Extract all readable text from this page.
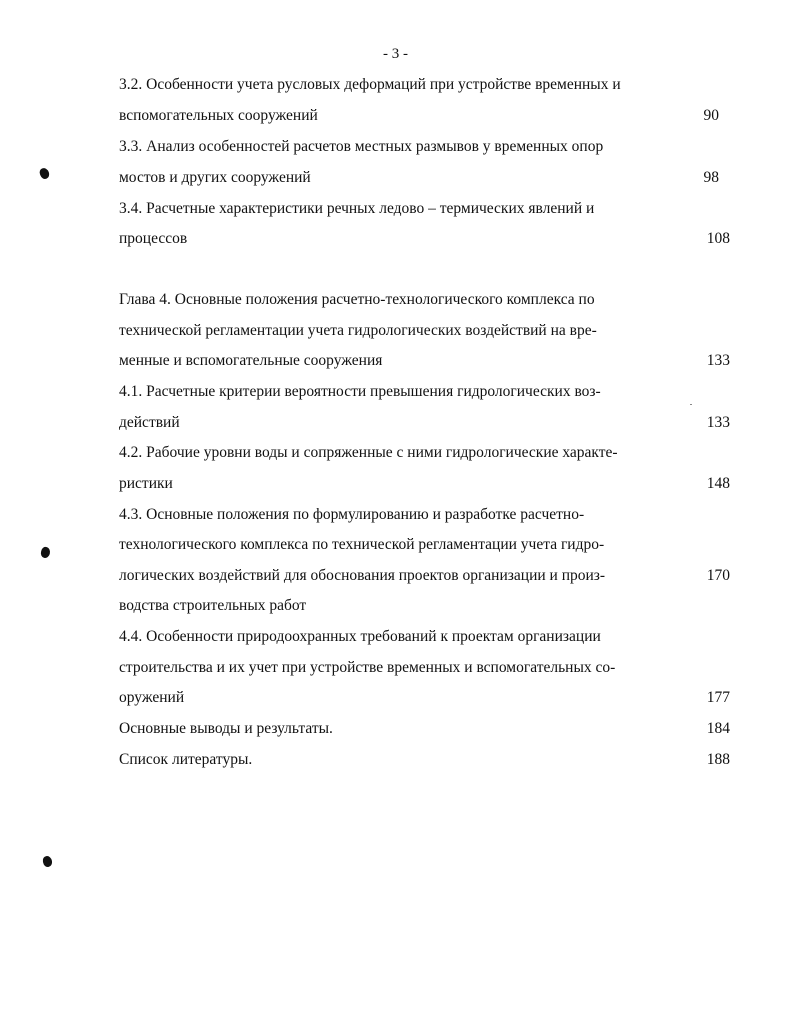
- 3 -
3.2. Особенности учета русловых деформаций при устройстве временных и
вспомогательных сооружений	90
3.3. Анализ особенностей расчетов местных размывов у временных опор
мостов и других сооружений	98
3.4. Расчетные характеристики речных ледово – термических явлений и
процессов	108
Глава 4. Основные положения расчетно-технологического комплекса по
технической регламентации учета гидрологических воздействий на вре-
менные и вспомогательные сооружения	133
4.1. Расчетные критерии вероятности превышения гидрологических воз-
действий	133
4.2. Рабочие уровни воды и сопряженные с ними гидрологические характе-
ристики	148
4.3. Основные положения по формулированию и разработке расчетно-
технологического комплекса по технической регламентации учета гидро-
логических воздействий для обоснования проектов организации и произ-	170
водства строительных работ
4.4. Особенности природоохранных требований к проектам организации
строительства и их учет при устройстве временных и вспомогательных со-
оружений	177
Основные выводы и результаты.	184
Список литературы.	188
